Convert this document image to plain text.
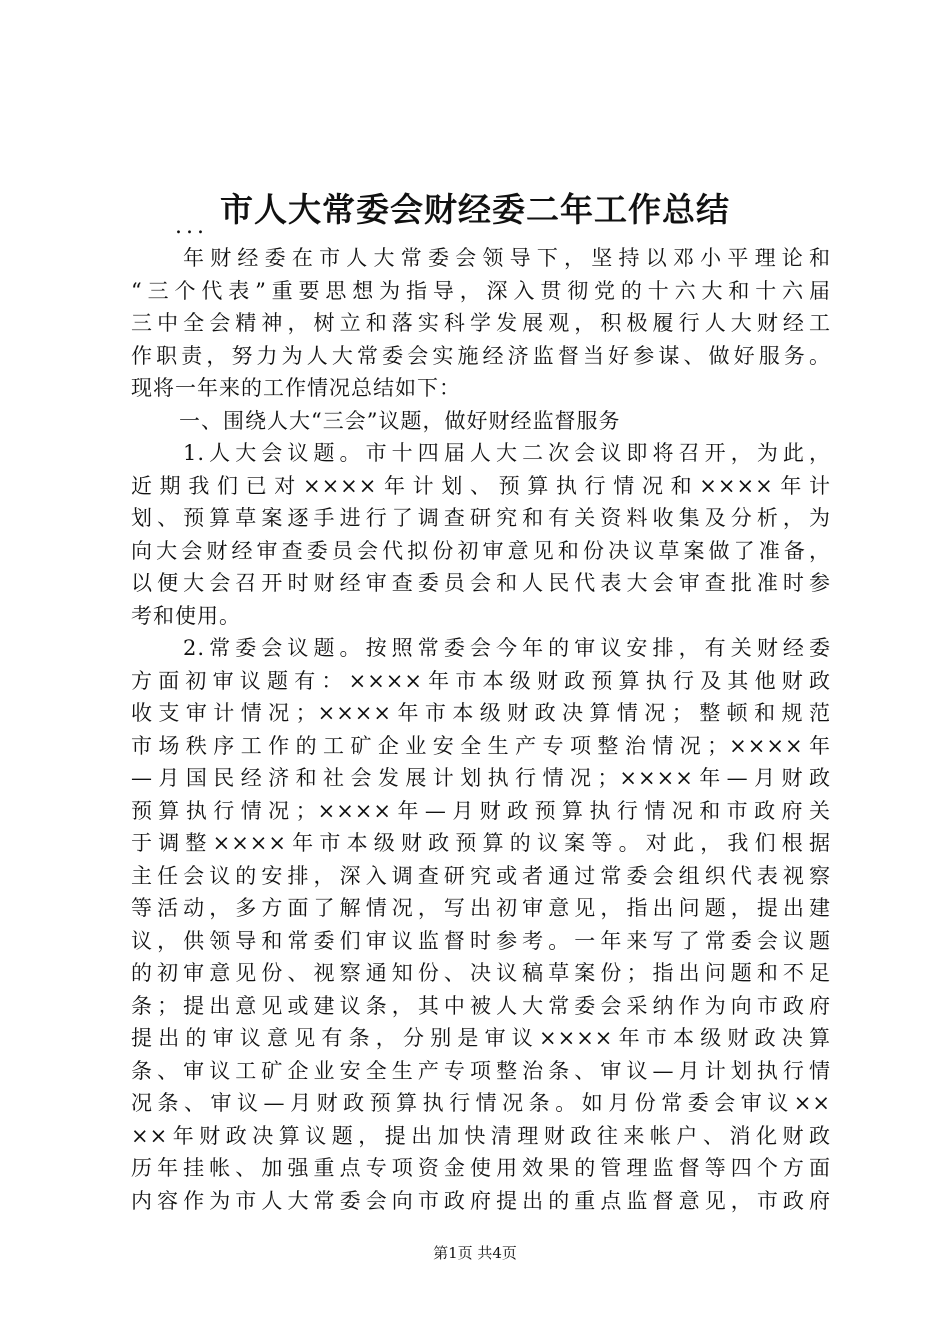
市人大常委会财经委二年工作总结
...
年财经委在市人大常委会领导下，坚持以邓小平理论和
“三个代表”重要思想为指导，深入贯彻党的十六大和十六届
三中全会精神，树立和落实科学发展观，积极履行人大财经工
作职责，努力为人大常委会实施经济监督当好参谋、做好服务。
现将一年来的工作情况总结如下：
一、围绕人大“三会”议题，做好财经监督服务
1.人大会议题。市十四届人大二次会议即将召开，为此，
近期我们已对××××年计划、预算执行情况和××××年计
划、预算草案逐手进行了调查研究和有关资料收集及分析，为
向大会财经审查委员会代拟份初审意见和份决议草案做了准备，
以便大会召开时财经审查委员会和人民代表大会审查批准时参
考和使用。
2.常委会议题。按照常委会今年的审议安排，有关财经委
方面初审议题有：××××年市本级财政预算执行及其他财政
收支审计情况；××××年市本级财政决算情况；整顿和规范
市场秩序工作的工矿企业安全生产专项整治情况；××××年
—月国民经济和社会发展计划执行情况；××××年—月财政
预算执行情况；××××年—月财政预算执行情况和市政府关
于调整××××年市本级财政预算的议案等。对此，我们根据
主任会议的安排，深入调查研究或者通过常委会组织代表视察
等活动，多方面了解情况，写出初审意见，指出问题，提出建
议，供领导和常委们审议监督时参考。一年来写了常委会议题
的初审意见份、视察通知份、决议稿草案份；指出问题和不足
条；提出意见或建议条，其中被人大常委会采纳作为向市政府
提出的审议意见有条，分别是审议××××年市本级财政决算
条、审议工矿企业安全生产专项整治条、审议—月计划执行情
况条、审议—月财政预算执行情况条。如月份常委会审议××
××年财政决算议题，提出加快清理财政往来帐户、消化财政
历年挂帐、加强重点专项资金使用效果的管理监督等四个方面
内容作为市人大常委会向市政府提出的重点监督意见，市政府
第1页 共4页
